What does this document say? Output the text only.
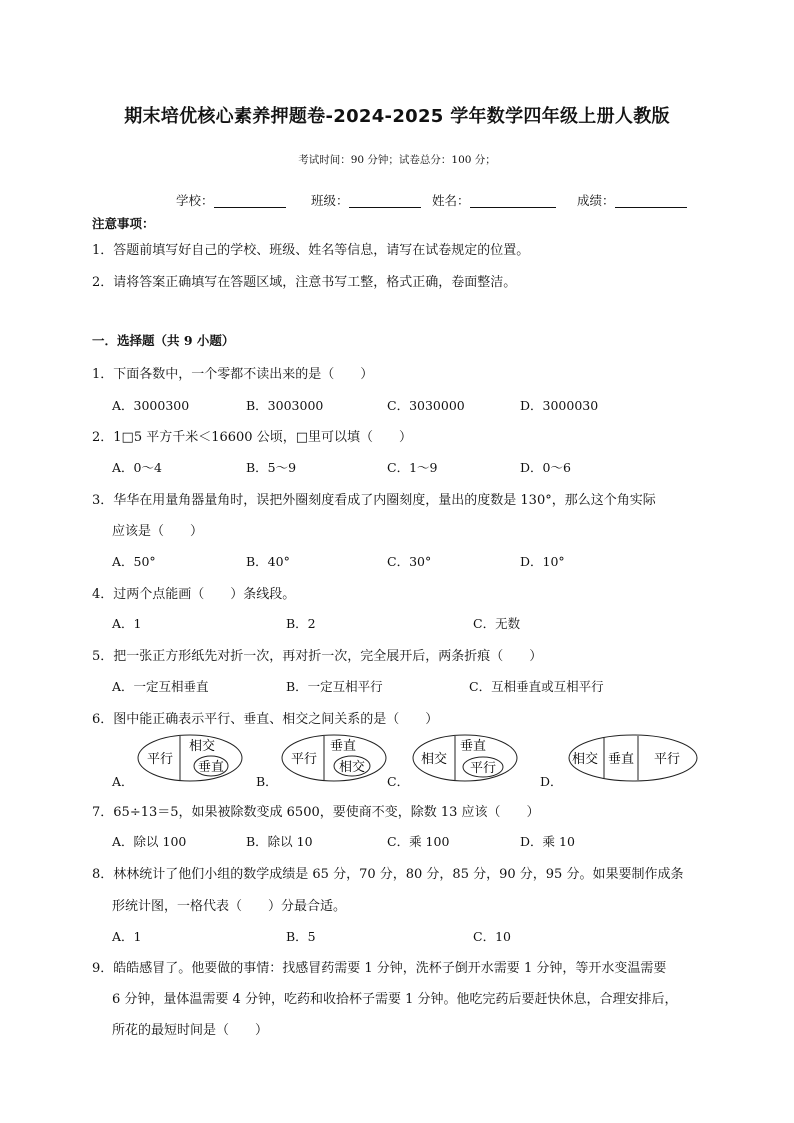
期末培优核心素养押题卷-2024-2025 学年数学四年级上册人教版
考试时间：90 分钟；试卷总分：100 分；
学校：	班级：	姓名：	成绩：
注意事项：
1．答题前填写好自己的学校、班级、姓名等信息，请写在试卷规定的位置。
2．请将答案正确填写在答题区域，注意书写工整，格式正确，卷面整洁。
一．选择题（共 9 小题）
1．下面各数中，一个零都不读出来的是（　　）
A．3000300	B．3003000	C．3030000	D．3000030
2．1□5 平方千米＜16600 公顷，□里可以填（　　）
A．0～4	B．5～9	C．1～9	D．0～6
3．华华在用量角器量角时，误把外圈刻度看成了内圈刻度，量出的度数是 130°，那么这个角实际
应该是（　　）
A．50°	B．40°	C．30°	D．10°
4．过两个点能画（　　）条线段。
A．1	B．2	C．无数
5．把一张正方形纸先对折一次，再对折一次，完全展开后，两条折痕（　　）
A．一定互相垂直	B．一定互相平行	C．互相垂直或互相平行
6．图中能正确表示平行、垂直、相交之间关系的是（　　）
A．
平行
相交
垂直
B．
平行
垂直
相交
C．
相交
垂直
平行
D．
相交 垂直 平行
7．65÷13＝5，如果被除数变成 6500，要使商不变，除数 13 应该（　　）
A．除以 100	B．除以 10	C．乘 100	D．乘 10
8．林林统计了他们小组的数学成绩是 65 分，70 分，80 分，85 分，90 分，95 分。如果要制作成条
形统计图，一格代表（　　）分最合适。
A．1	B．5	C．10
9．皓皓感冒了。他要做的事情：找感冒药需要 1 分钟，洗杯子倒开水需要 1 分钟，等开水变温需要
6 分钟，量体温需要 4 分钟，吃药和收拾杯子需要 1 分钟。他吃完药后要赶快休息，合理安排后，
所花的最短时间是（　　）
